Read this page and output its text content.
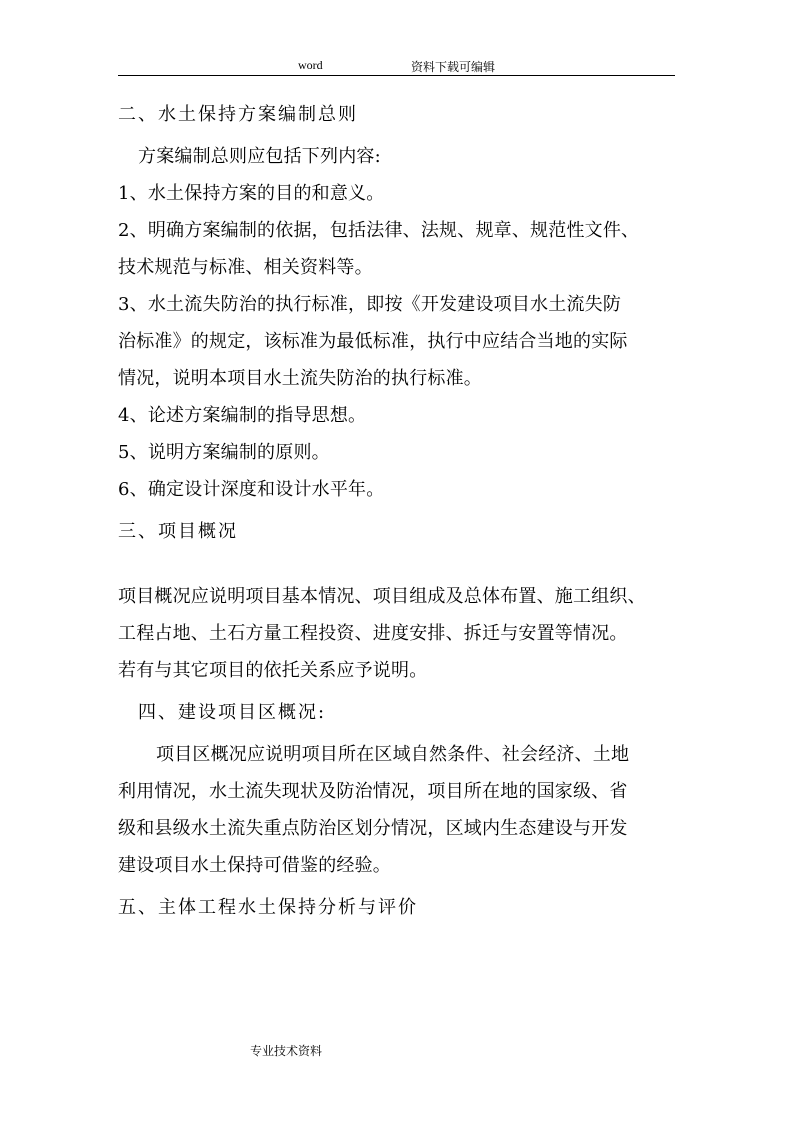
word	资料下载可编辑
二、水土保持方案编制总则
方案编制总则应包括下列内容:
1、水土保持方案的目的和意义。
2、明确方案编制的依据，包括法律、法规、规章、规范性文件、
技术规范与标准、相关资料等。
3、水土流失防治的执行标准，即按《开发建设项目水土流失防
治标准》的规定，该标准为最低标准，执行中应结合当地的实际
情况，说明本项目水土流失防治的执行标准。
4、论述方案编制的指导思想。
5、说明方案编制的原则。
6、确定设计深度和设计水平年。
三、项目概况
项目概况应说明项目基本情况、项目组成及总体布置、施工组织、
工程占地、土石方量工程投资、进度安排、拆迁与安置等情况。
若有与其它项目的依托关系应予说明。
四、建设项目区概况:
项目区概况应说明项目所在区域自然条件、社会经济、土地
利用情况，水土流失现状及防治情况，项目所在地的国家级、省
级和县级水土流失重点防治区划分情况，区域内生态建设与开发
建设项目水土保持可借鉴的经验。
五、主体工程水土保持分析与评价
专业技术资料
